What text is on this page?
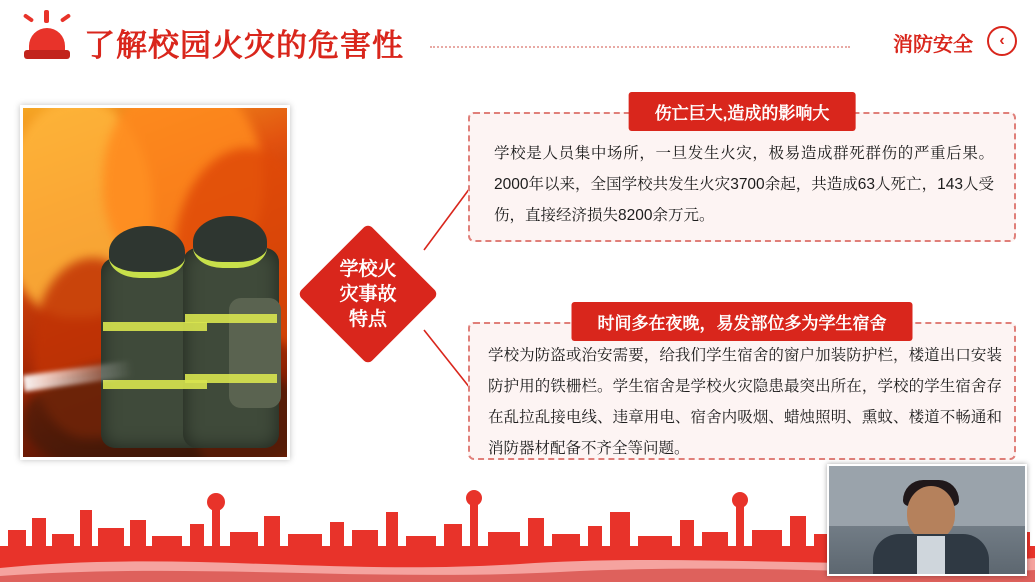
了解校园火灾的危害性	消防安全	‹
学校火
灾事故
特点
伤亡巨大,造成的影响大
学校是人员集中场所，一旦发生火灾，极易造成群死群伤的严重后果。 2000年以来，全国学校共发生火灾3700余起，共造成63人死亡，143人受伤，直接经济损失8200余万元。
时间多在夜晚，易发部位多为学生宿舍
学校为防盗或治安需要，给我们学生宿舍的窗户加装防护栏，楼道出口安装防护用的铁栅栏。学生宿舍是学校火灾隐患最突出所在，学校的学生宿舍存在乱拉乱接电线、违章用电、宿舍内吸烟、蜡烛照明、熏蚊、楼道不畅通和消防器材配备不齐全等问题。
